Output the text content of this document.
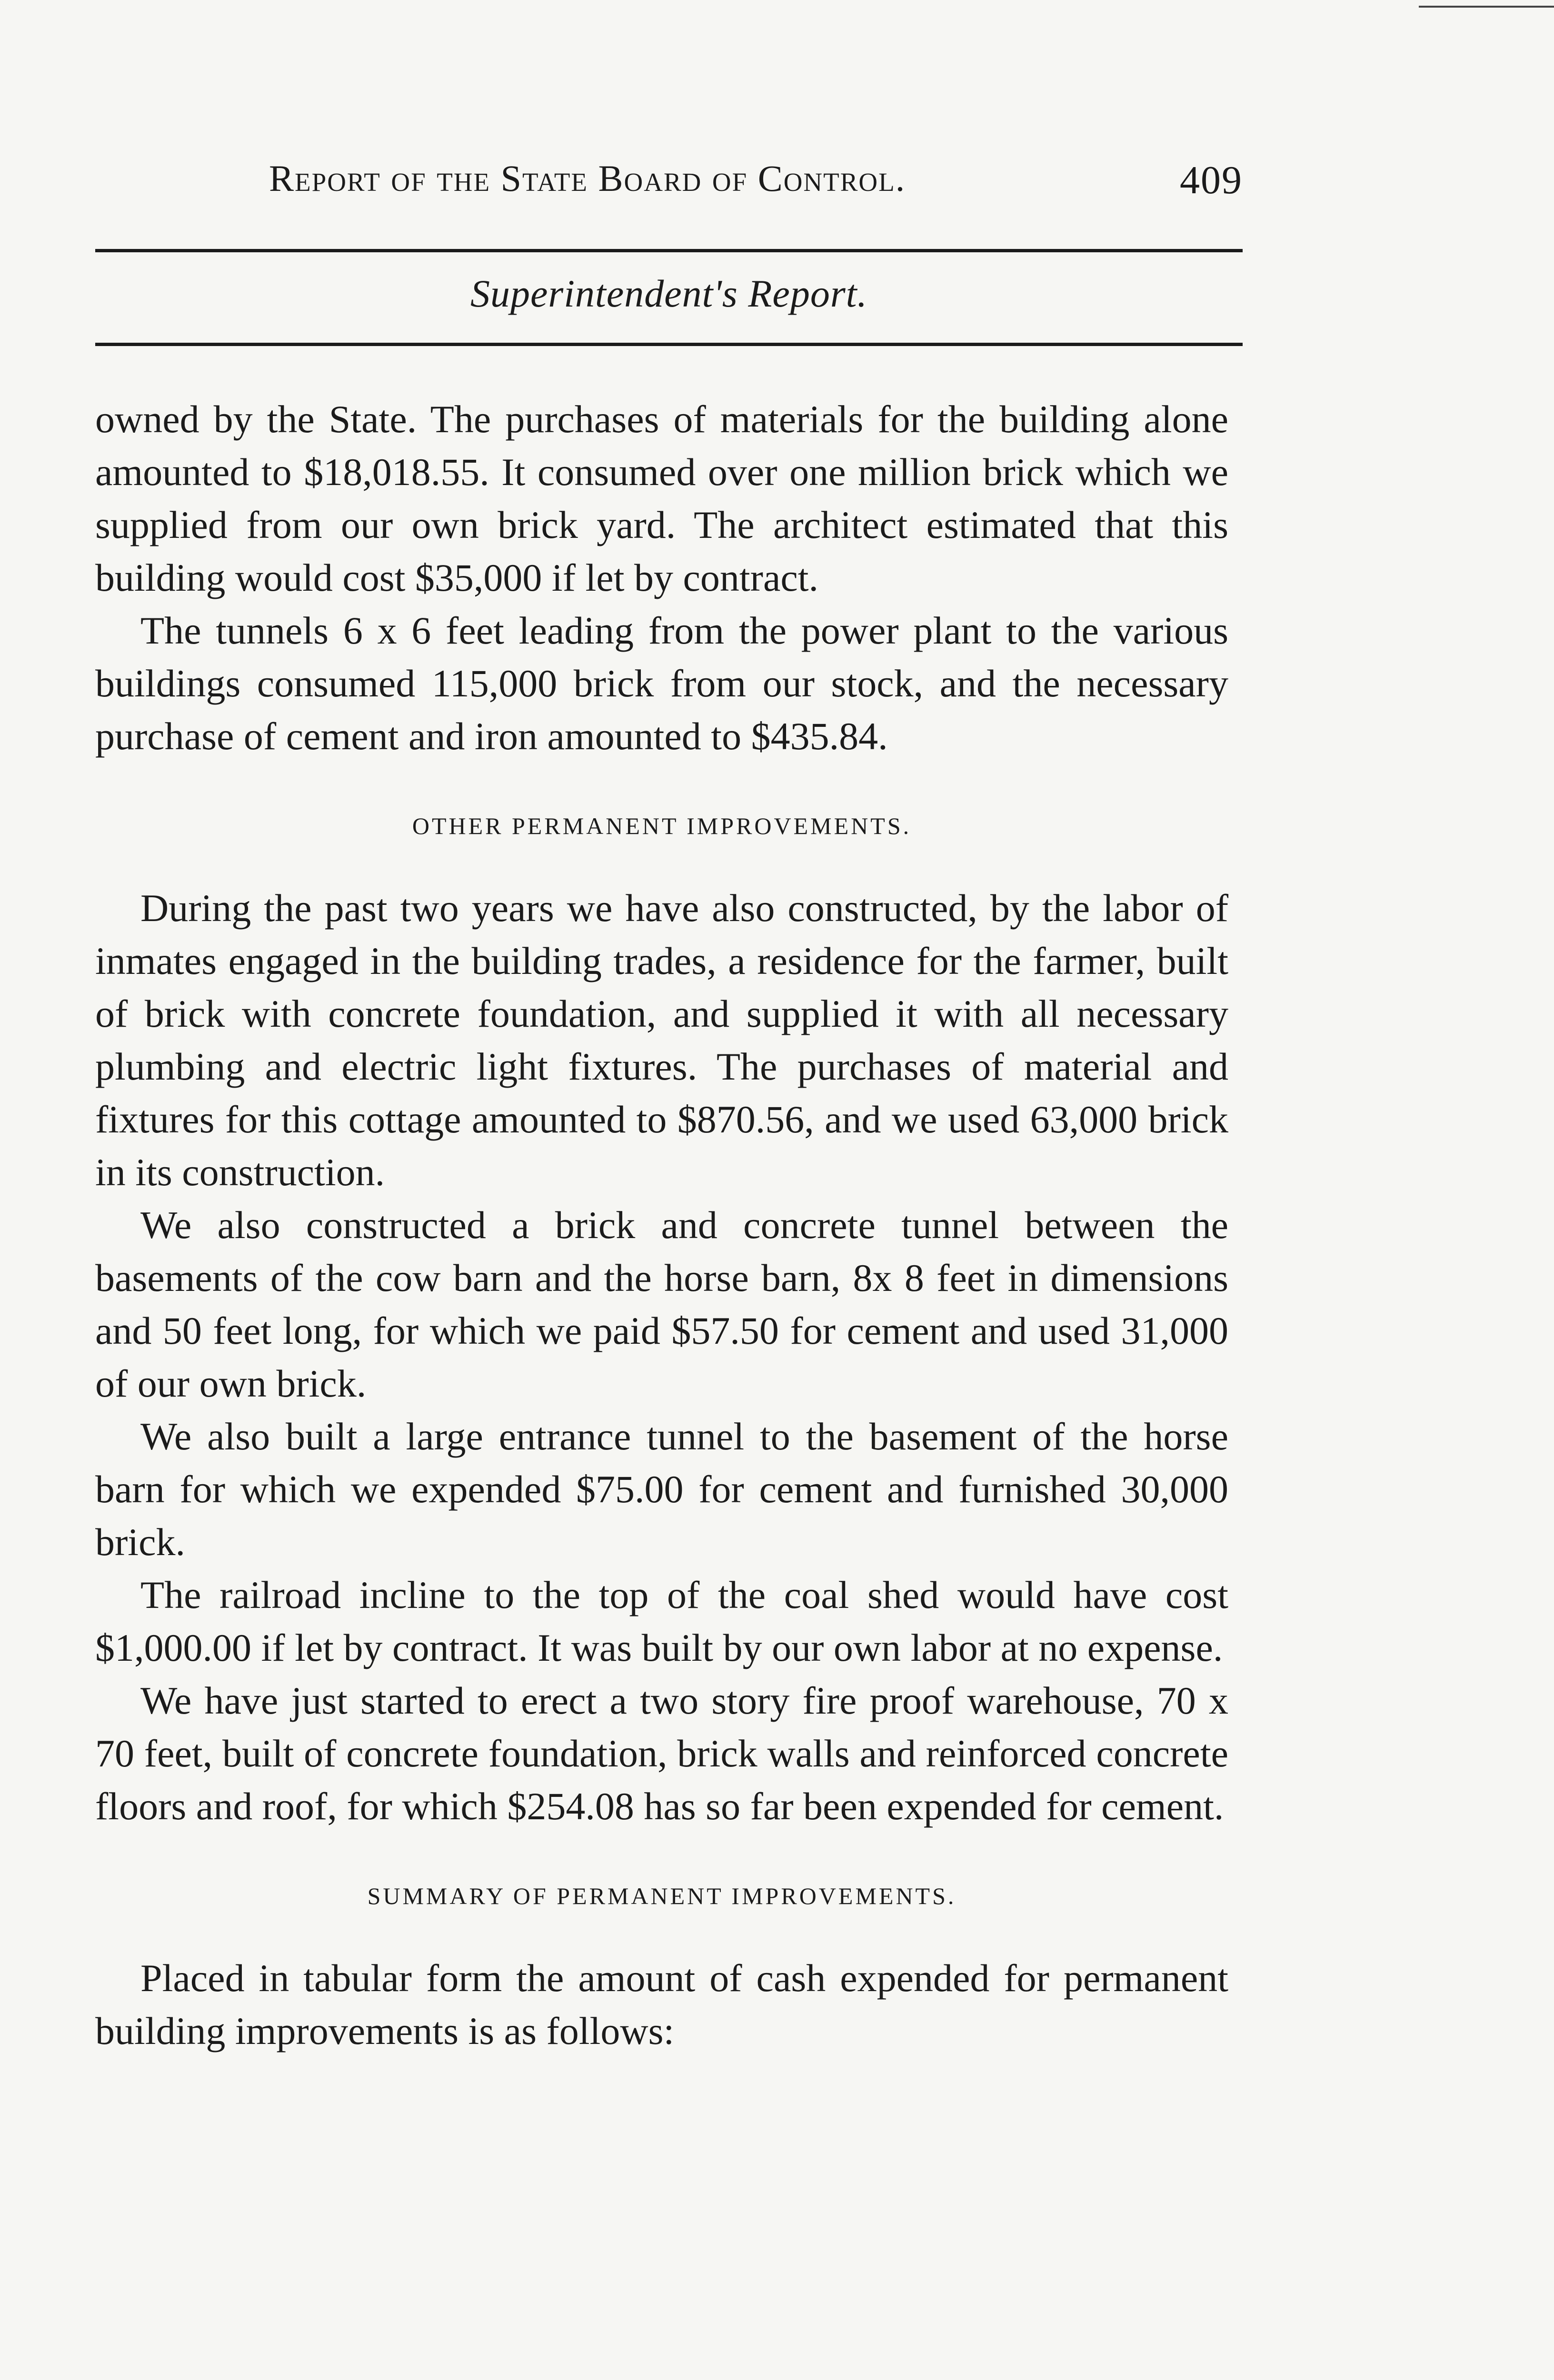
Report of the State Board of Control.	409
Superintendent's Report.

owned by the State. The purchases of materials for the building alone amounted to $18,018.55. It consumed over one million brick which we supplied from our own brick yard. The architect estimated that this building would cost $35,000 if let by contract.

The tunnels 6 x 6 feet leading from the power plant to the various buildings consumed 115,000 brick from our stock, and the necessary purchase of cement and iron amounted to $435.84.

OTHER PERMANENT IMPROVEMENTS.

During the past two years we have also constructed, by the labor of inmates engaged in the building trades, a residence for the farmer, built of brick with concrete foundation, and supplied it with all necessary plumbing and electric light fixtures. The purchases of material and fixtures for this cottage amounted to $870.56, and we used 63,000 brick in its construction.

We also constructed a brick and concrete tunnel between the basements of the cow barn and the horse barn, 8x 8 feet in dimensions and 50 feet long, for which we paid $57.50 for cement and used 31,000 of our own brick.

We also built a large entrance tunnel to the basement of the horse barn for which we expended $75.00 for cement and furnished 30,000 brick.

The railroad incline to the top of the coal shed would have cost $1,000.00 if let by contract. It was built by our own labor at no expense.

We have just started to erect a two story fire proof warehouse, 70 x 70 feet, built of concrete foundation, brick walls and reinforced concrete floors and roof, for which $254.08 has so far been expended for cement.

SUMMARY OF PERMANENT IMPROVEMENTS.

Placed in tabular form the amount of cash expended for permanent building improvements is as follows:
